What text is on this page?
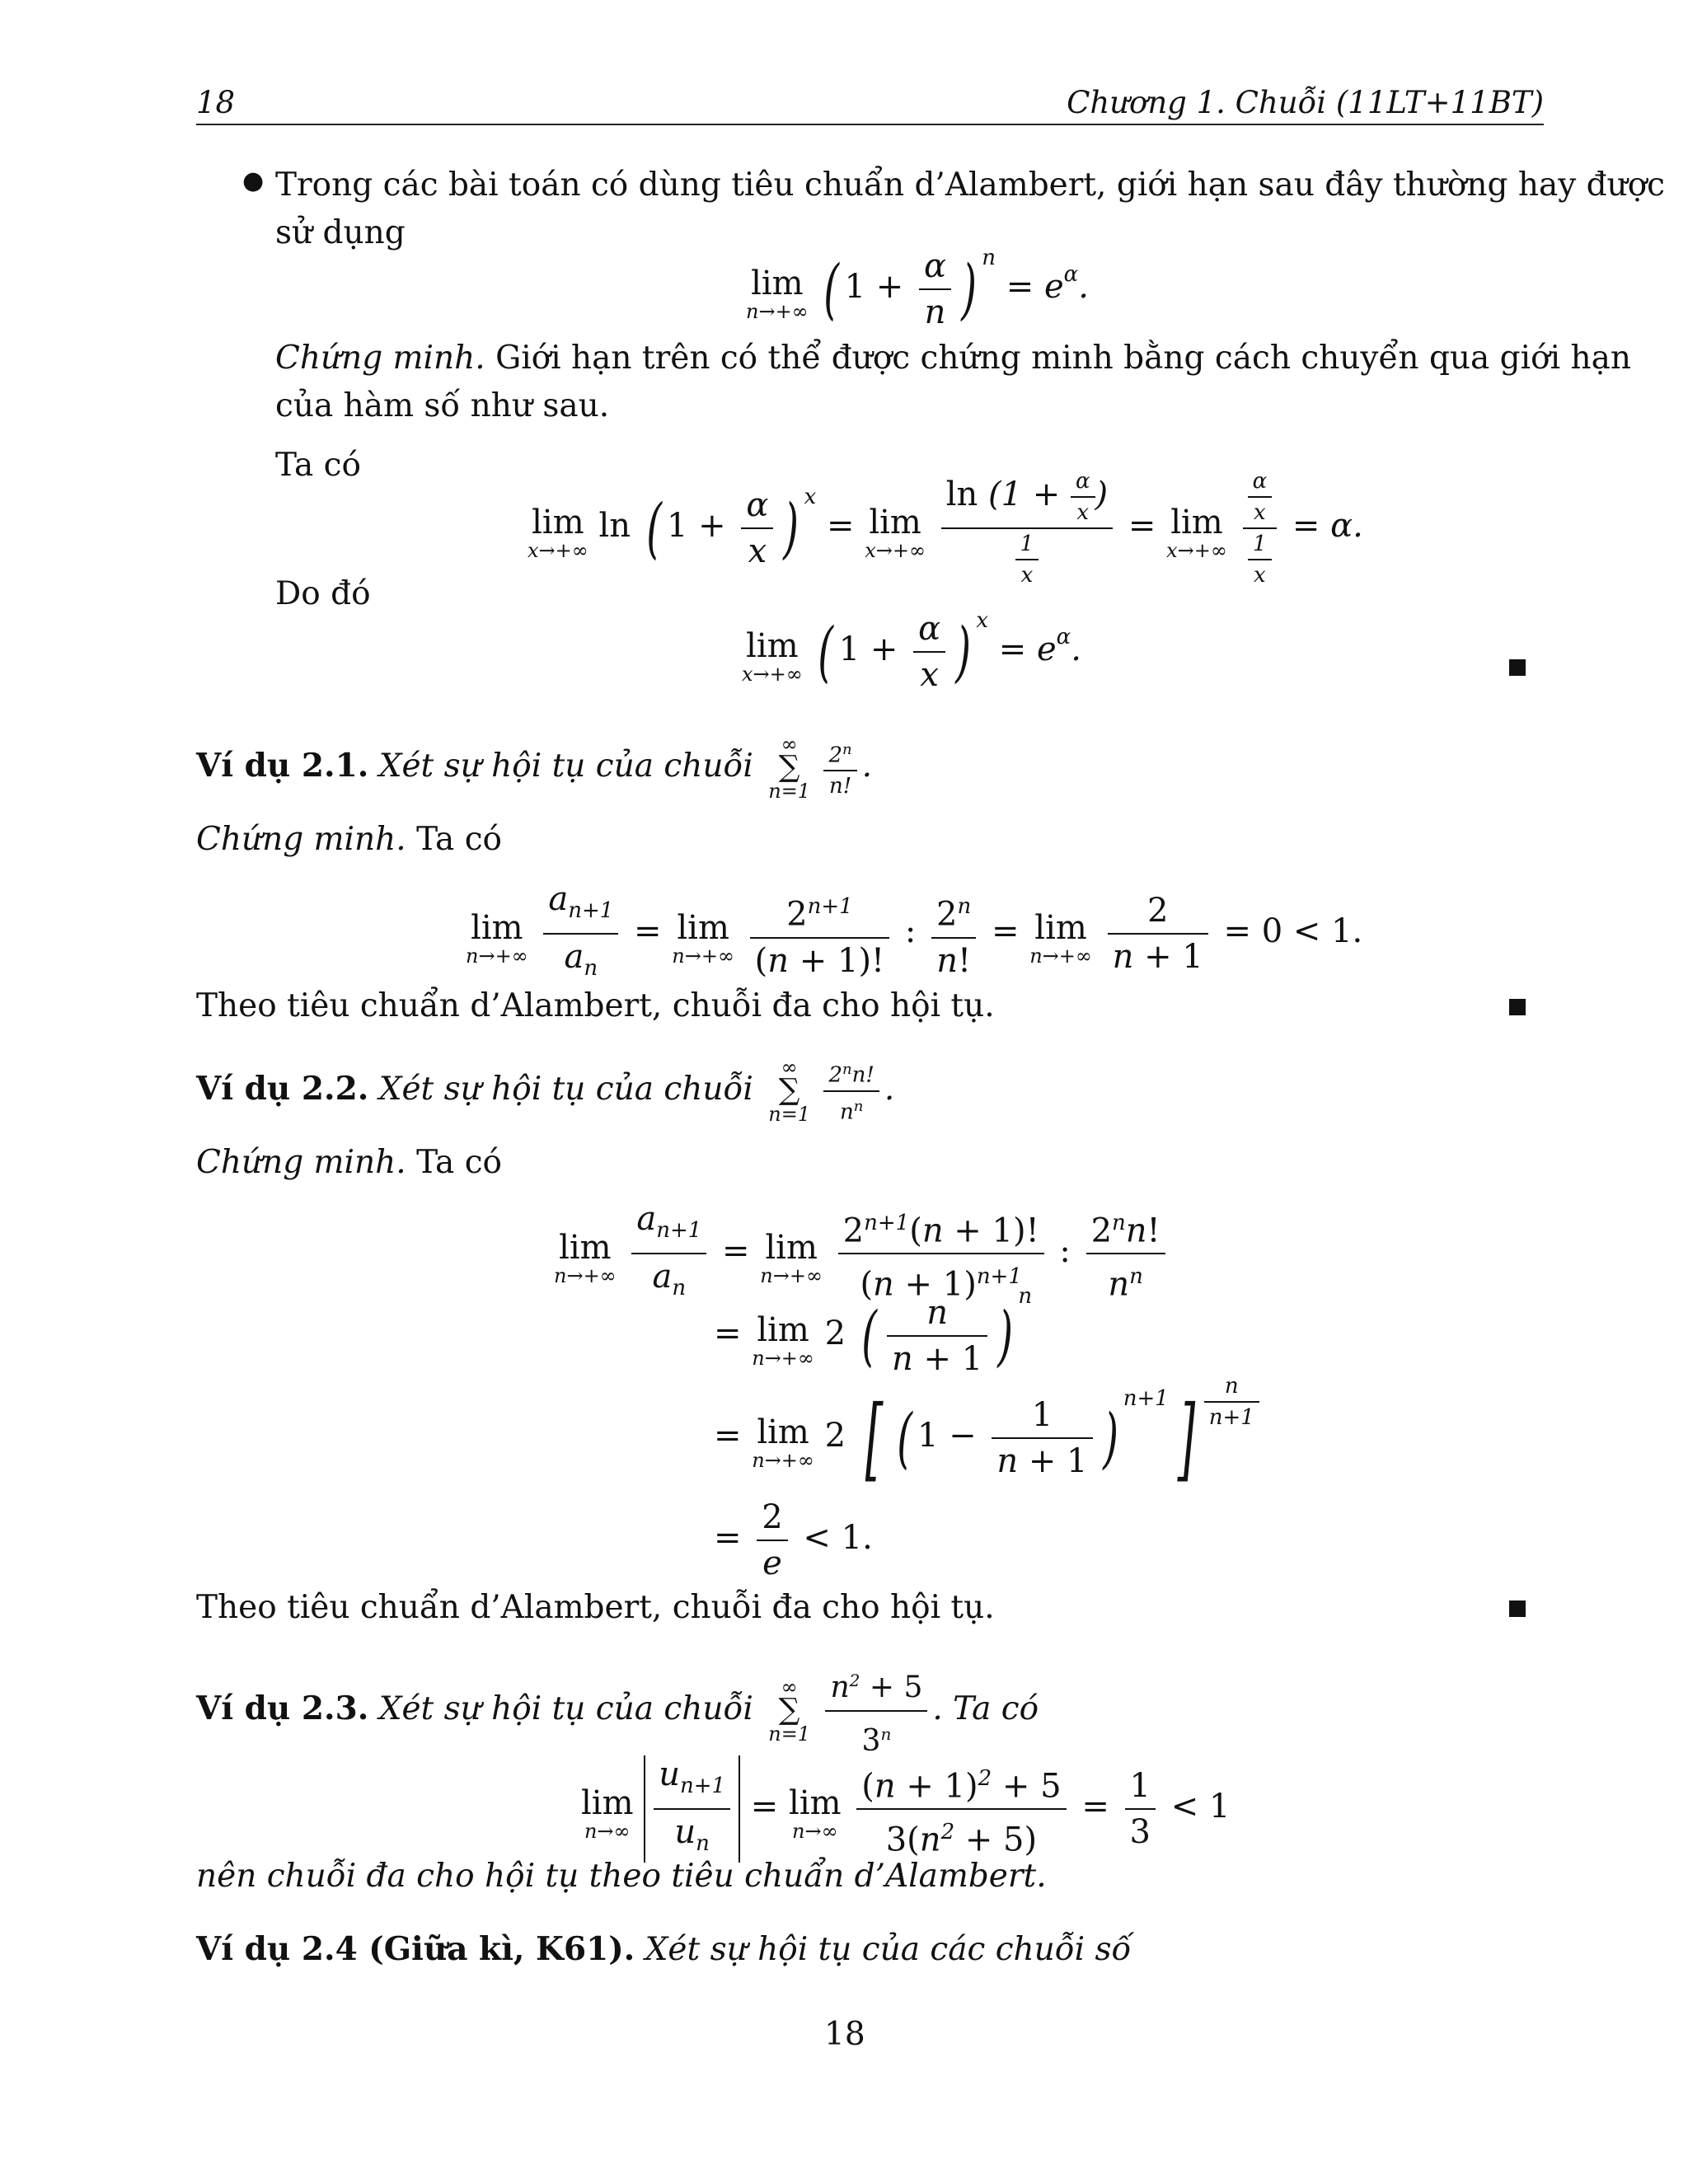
18	Chương 1. Chuỗi (11LT+11BT)
● Trong các bài toán có dùng tiêu chuẩn d’Alambert, giới hạn sau đây thường hay được
sử dụng
lim
n→+∞ ( $1 + \frac{\alpha}{n}$ ) $^n = e^\alpha$.
Chứng minh. Giới hạn trên có thể được chứng minh bằng cách chuyển qua giới hạn
của hàm số như sau.
Ta có
lim
x→+∞
ln ( $1 + \frac{\alpha}{x}$ ) $^x$ = lim
x→+∞
$\frac{\ln (1 + \frac{\alpha}{x} )}{\frac{1}{x}} = \lim$
x→+∞
$\frac{\frac{\alpha}{x}}{\frac{1}{x}} = \alpha$.
Do đó
lim
x→+∞ ( $1 + \frac{\alpha}{x}$ ) $^x = e^\alpha$.
Ví dụ 2.1. Xét sự hội tụ của chuỗi
∞
∑
n=1
$\frac{2^n}{n!}$ .
Chứng minh. Ta có
lim
n→+∞
$\frac{a_{n+1}}{a_n} = \lim$
n→+∞
$\frac{2^{n+1}}{(n + 1)!}$ : $\frac{2^n}{n!} = \lim$
n→+∞
$\frac{2}{n + 1} = 0 < 1$.
Theo tiêu chuẩn d’Alambert, chuỗi đa cho hội tụ.
Ví dụ 2.2. Xét sự hội tụ của chuỗi
∞
∑
n=1
$\frac{2^nn!}{n^n}$ .
Chứng minh. Ta có
lim
n→+∞
$\frac{a_{n+1}}{a_n} = \lim$
n→+∞
$\frac{2^{n+1}(n + 1)!}{(n + 1)^{n+1}}$ : $\frac{2^nn!}{n^n}$
= lim
n→+∞
2 ( $\frac{n}{n + 1} )^n$
= lim
n→+∞
2 [ ( $1 - \frac{1}{n + 1} )^{n+1}] \frac{n}{n+1}$
= $\frac{2}{e} < 1$.
Theo tiêu chuẩn d’Alambert, chuỗi đa cho hội tụ.
Ví dụ 2.3. Xét sự hội tụ của chuỗi
∞
∑
n=1
$\frac{n^2 + 5}{3^n}$ . Ta có
lim
n→∞
$\frac{u_{n+1}}{u_n} = \lim$
n→∞
$\frac{(n + 1)^2 + 5}{3(n^2 + 5)} = \frac{1}{3} < 1$
nên chuỗi đa cho hội tụ theo tiêu chuẩn d’Alambert.
Ví dụ 2.4 (Giữa kì, K61). Xét sự hội tụ của các chuỗi số
18
